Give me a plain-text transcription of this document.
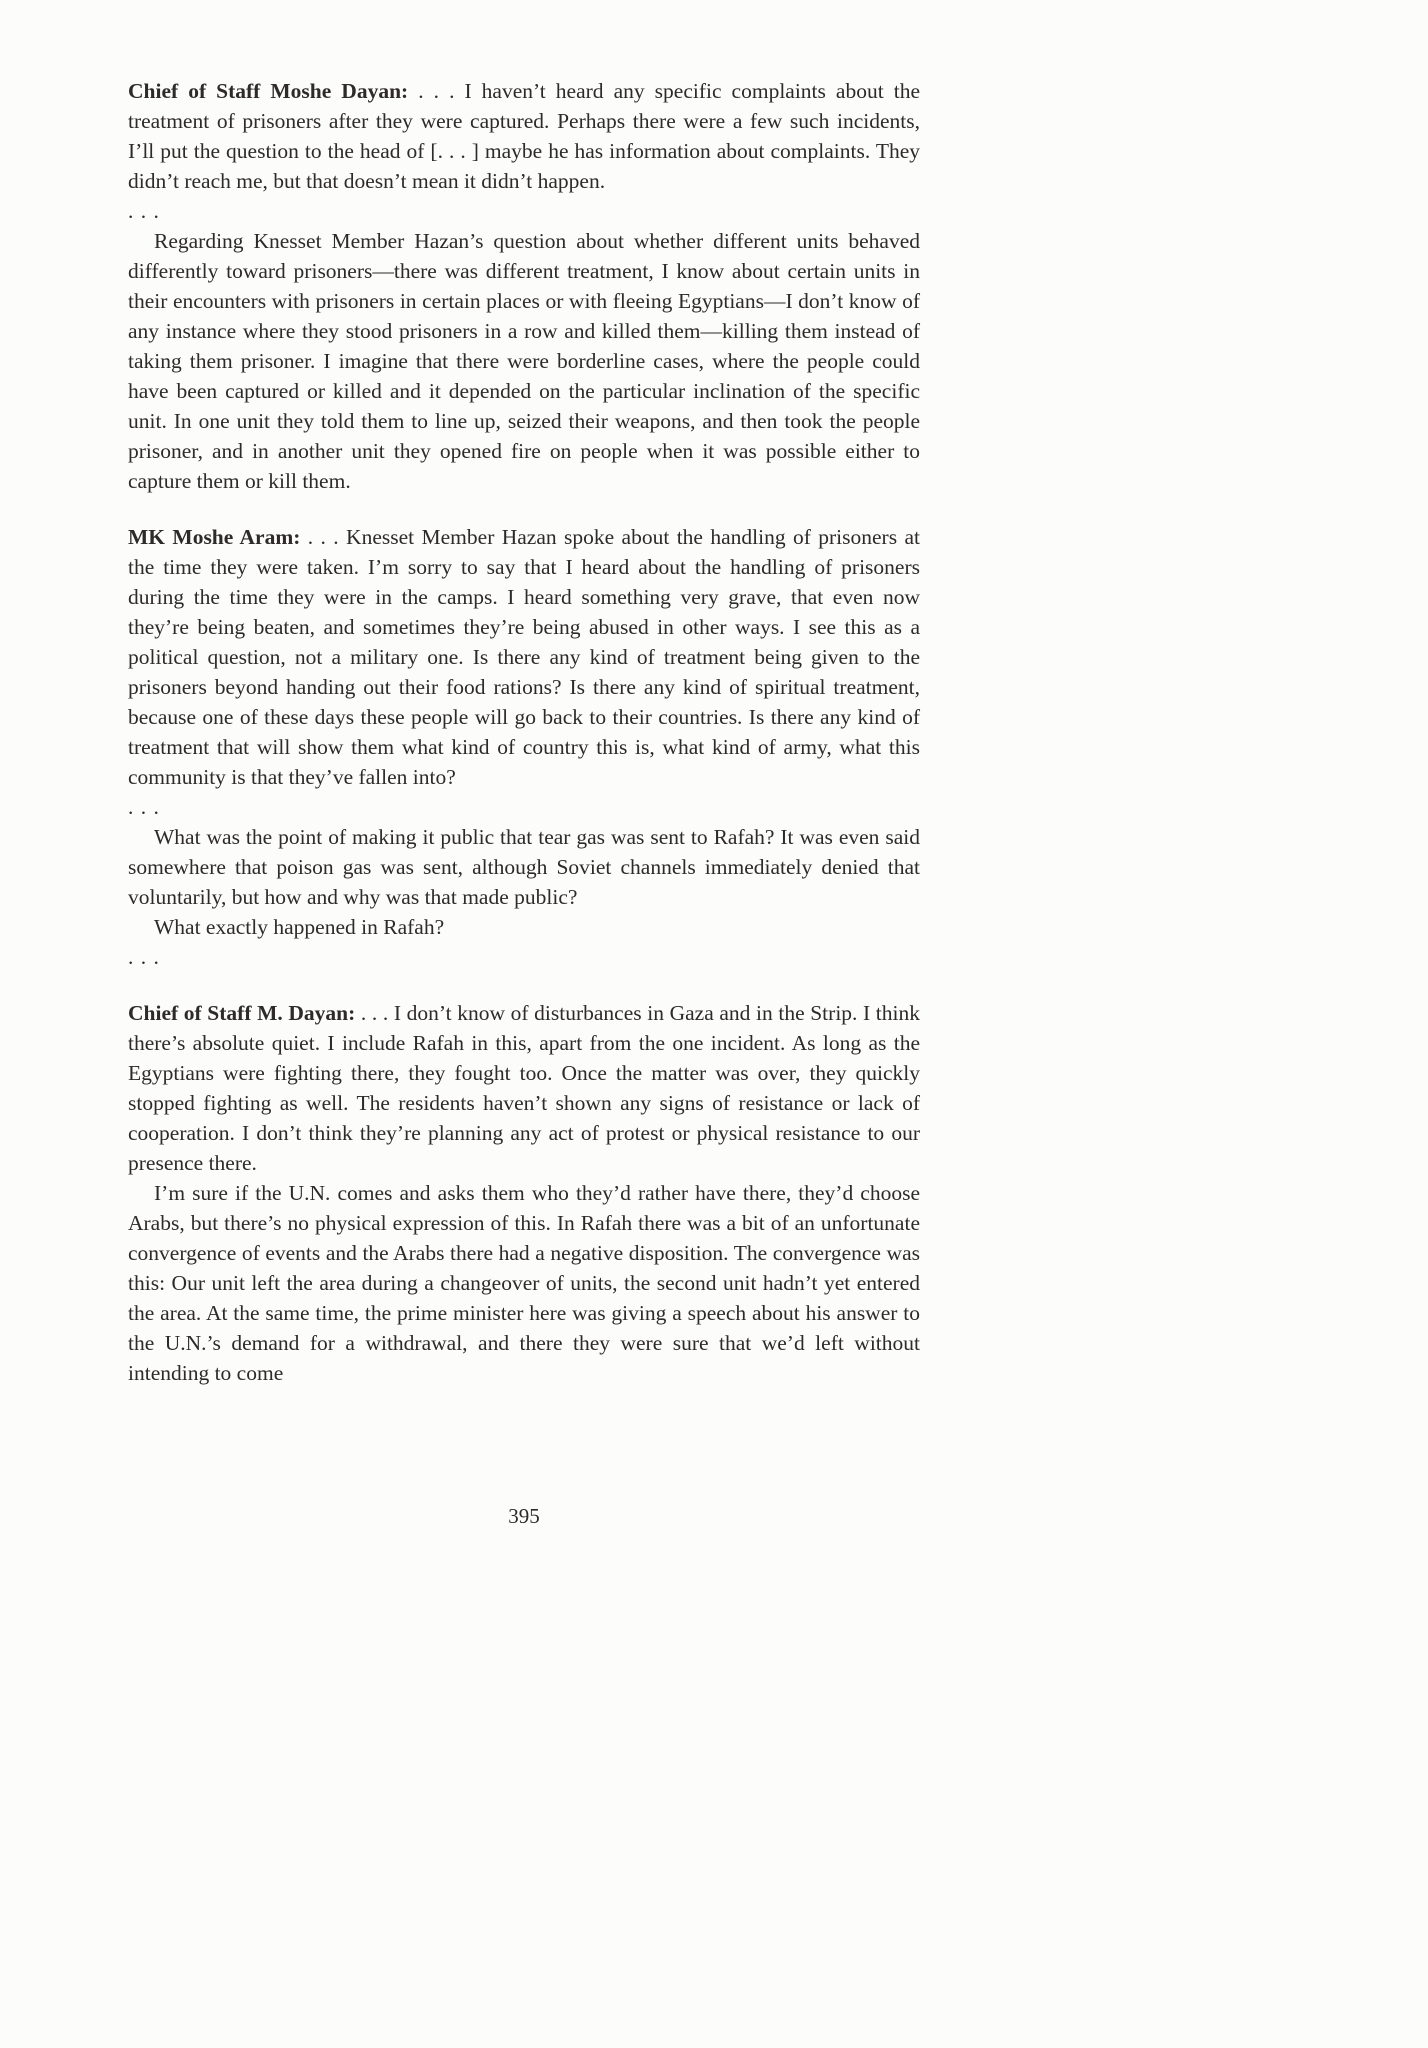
Chief of Staff Moshe Dayan: . . . I haven’t heard any specific complaints about the treatment of prisoners after they were captured. Perhaps there were a few such incidents, I’ll put the question to the head of [. . . ] maybe he has information about complaints. They didn’t reach me, but that doesn’t mean it didn’t happen.

. . .

Regarding Knesset Member Hazan’s question about whether different units behaved differently toward prisoners—there was different treatment, I know about certain units in their encounters with prisoners in certain places or with fleeing Egyptians—I don’t know of any instance where they stood prisoners in a row and killed them—killing them instead of taking them prisoner. I imagine that there were borderline cases, where the people could have been captured or killed and it depended on the particular inclination of the specific unit. In one unit they told them to line up, seized their weapons, and then took the people prisoner, and in another unit they opened fire on people when it was possible either to capture them or kill them.

MK Moshe Aram: . . . Knesset Member Hazan spoke about the handling of prisoners at the time they were taken. I’m sorry to say that I heard about the handling of prisoners during the time they were in the camps. I heard something very grave, that even now they’re being beaten, and sometimes they’re being abused in other ways. I see this as a political question, not a military one. Is there any kind of treatment being given to the prisoners beyond handing out their food rations? Is there any kind of spiritual treatment, because one of these days these people will go back to their countries. Is there any kind of treatment that will show them what kind of country this is, what kind of army, what this community is that they’ve fallen into?

. . .

What was the point of making it public that tear gas was sent to Rafah? It was even said somewhere that poison gas was sent, although Soviet channels immediately denied that voluntarily, but how and why was that made public?

What exactly happened in Rafah?

. . .

Chief of Staff M. Dayan: . . . I don’t know of disturbances in Gaza and in the Strip. I think there’s absolute quiet. I include Rafah in this, apart from the one incident. As long as the Egyptians were fighting there, they fought too. Once the matter was over, they quickly stopped fighting as well. The residents haven’t shown any signs of resistance or lack of cooperation. I don’t think they’re planning any act of protest or physical resistance to our presence there.

I’m sure if the U.N. comes and asks them who they’d rather have there, they’d choose Arabs, but there’s no physical expression of this. In Rafah there was a bit of an unfortunate convergence of events and the Arabs there had a negative disposition. The convergence was this: Our unit left the area during a changeover of units, the second unit hadn’t yet entered the area. At the same time, the prime minister here was giving a speech about his answer to the U.N.’s demand for a withdrawal, and there they were sure that we’d left without intending to come

395
